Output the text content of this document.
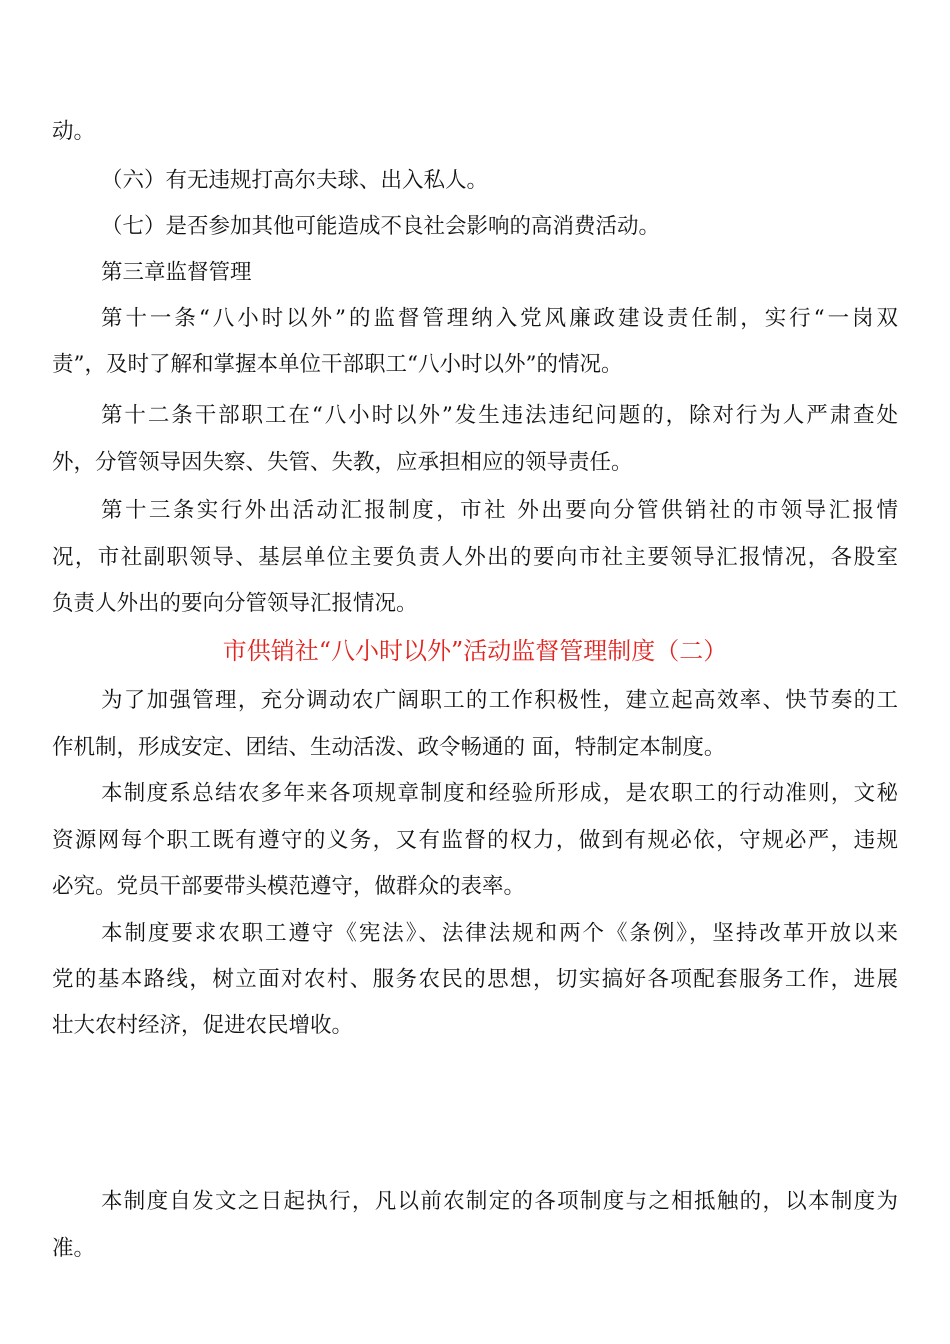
动。
（六）有无违规打高尔夫球、出入私人。
（七）是否参加其他可能造成不良社会影响的高消费活动。
第三章监督管理
第十一条“八小时以外”的监督管理纳入党风廉政建设责任制，实行“一岗双
责”，及时了解和掌握本单位干部职工“八小时以外”的情况。
第十二条干部职工在“八小时以外”发生违法违纪问题的，除对行为人严肃查处
外，分管领导因失察、失管、失教，应承担相应的领导责任。
第十三条实行外出活动汇报制度，市社 外出要向分管供销社的市领导汇报情
况，市社副职领导、基层单位主要负责人外出的要向市社主要领导汇报情况，各股室
负责人外出的要向分管领导汇报情况。
市供销社“八小时以外”活动监督管理制度（二）
为了加强管理，充分调动农广阔职工的工作积极性，建立起高效率、快节奏的工
作机制，形成安定、团结、生动活泼、政令畅通的 面，特制定本制度。
本制度系总结农多年来各项规章制度和经验所形成，是农职工的行动准则，文秘
资源网每个职工既有遵守的义务，又有监督的权力，做到有规必依，守规必严，违规
必究。党员干部要带头模范遵守，做群众的表率。
本制度要求农职工遵守《宪法》、法律法规和两个《条例》，坚持改革开放以来
党的基本路线，树立面对农村、服务农民的思想，切实搞好各项配套服务工作，进展
壮大农村经济，促进农民增收。
本制度自发文之日起执行，凡以前农制定的各项制度与之相抵触的，以本制度为
准。
